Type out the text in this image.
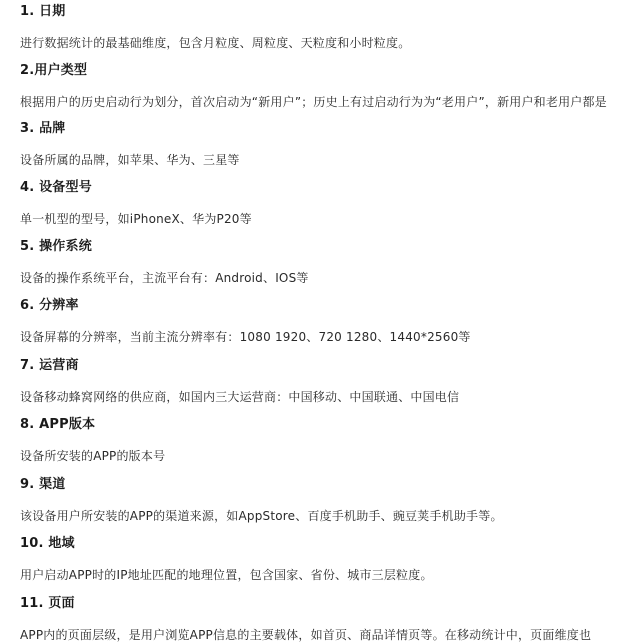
1. 日期
进行数据统计的最基础维度，包含月粒度、周粒度、天粒度和小时粒度。
2.用户类型
根据用户的历史启动行为划分，首次启动为“新用户”；历史上有过启动行为为“老用户”，新用户和老用户都是
3. 品牌
设备所属的品牌，如苹果、华为、三星等
4. 设备型号
单一机型的型号，如iPhoneX、华为P20等
5. 操作系统
设备的操作系统平台，主流平台有：Android、IOS等
6. 分辨率
设备屏幕的分辨率，当前主流分辨率有：1080 1920、720 1280、1440*2560等
7. 运营商
设备移动蜂窝网络的供应商，如国内三大运营商：中国移动、中国联通、中国电信
8. APP版本
设备所安装的APP的版本号
9. 渠道
该设备用户所安装的APP的渠道来源，如AppStore、百度手机助手、豌豆荚手机助手等。
10. 地域
用户启动APP时的IP地址匹配的地理位置，包含国家、省份、城市三层粒度。
11. 页面
APP内的页面层级，是用户浏览APP信息的主要载体，如首页、商品详情页等。在移动统计中，页面维度也
